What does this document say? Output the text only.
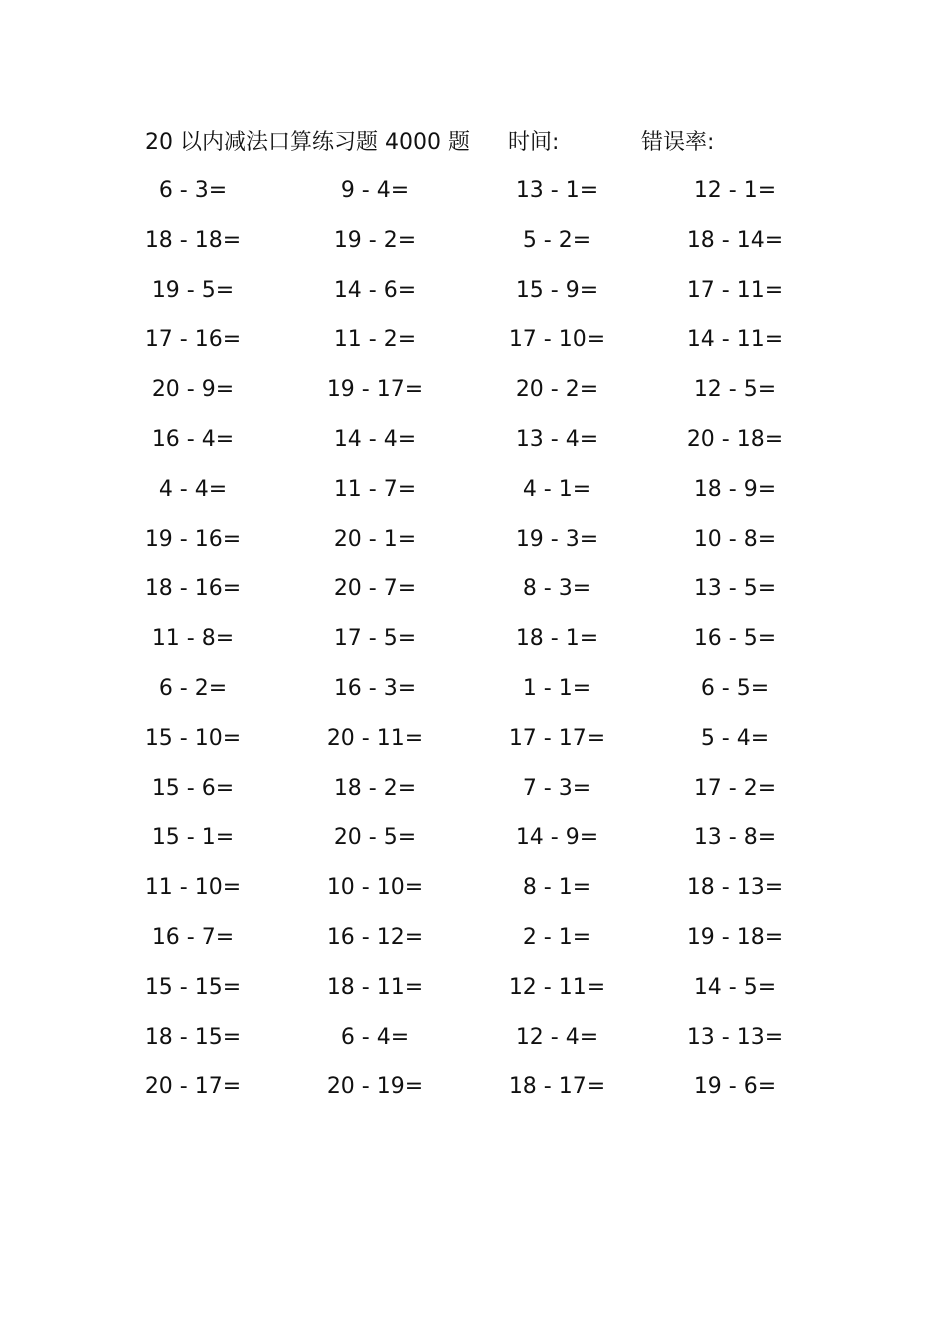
20 以内减法口算练习题 4000 题 时间:	错误率:
6 - 3=	9 - 4=	13 - 1=	12 - 1=
18 - 18=	19 - 2=	5 - 2=	18 - 14=
19 - 5=	14 - 6=	15 - 9=	17 - 11=
17 - 16=	11 - 2=	17 - 10=	14 - 11=
20 - 9=	19 - 17=	20 - 2=	12 - 5=
16 - 4=	14 - 4=	13 - 4=	20 - 18=
4 - 4=	11 - 7=	4 - 1=	18 - 9=
19 - 16=	20 - 1=	19 - 3=	10 - 8=
18 - 16=	20 - 7=	8 - 3=	13 - 5=
11 - 8=	17 - 5=	18 - 1=	16 - 5=
6 - 2=	16 - 3=	1 - 1=	6 - 5=
15 - 10=	20 - 11=	17 - 17=	5 - 4=
15 - 6=	18 - 2=	7 - 3=	17 - 2=
15 - 1=	20 - 5=	14 - 9=	13 - 8=
11 - 10=	10 - 10=	8 - 1=	18 - 13=
16 - 7=	16 - 12=	2 - 1=	19 - 18=
15 - 15=	18 - 11=	12 - 11=	14 - 5=
18 - 15=	6 - 4=	12 - 4=	13 - 13=
20 - 17=	20 - 19=	18 - 17=	19 - 6=
